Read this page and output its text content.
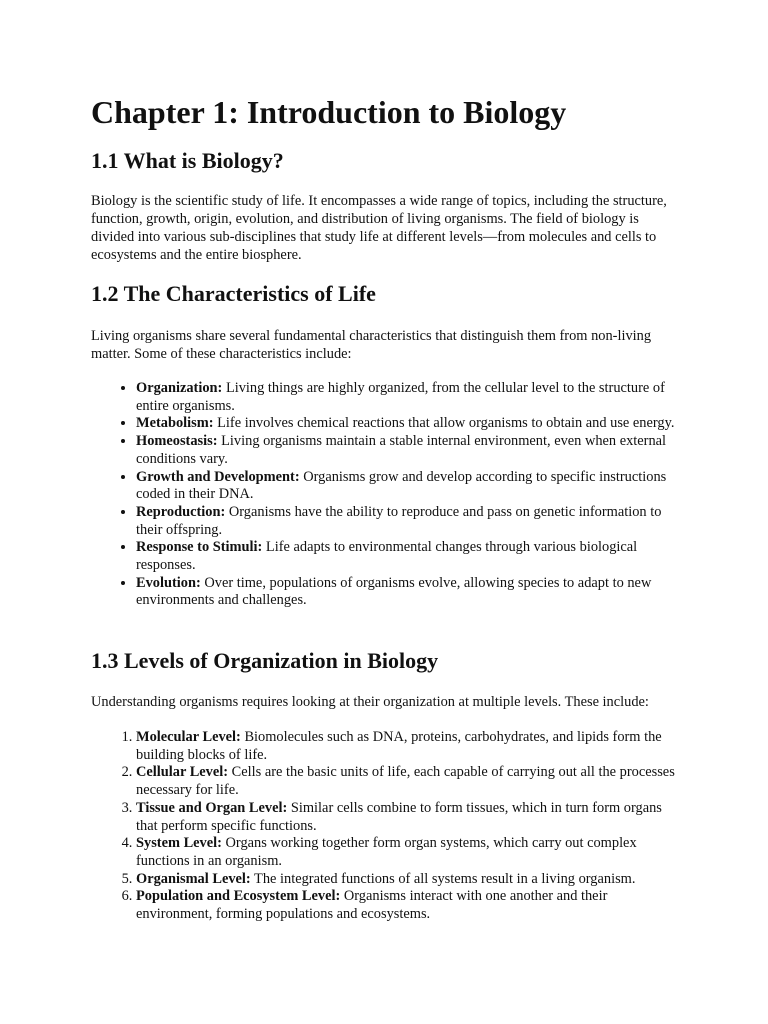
Chapter 1: Introduction to Biology
1.1 What is Biology?

Biology is the scientific study of life. It encompasses a wide range of topics, including the structure, function, growth, origin, evolution, and distribution of living organisms. The field of biology is divided into various sub-disciplines that study life at different levels—from molecules and cells to ecosystems and the entire biosphere.

1.2 The Characteristics of Life

Living organisms share several fundamental characteristics that distinguish them from non-living matter. Some of these characteristics include:

• Organization: Living things are highly organized, from the cellular level to the structure of entire organisms.
• Metabolism: Life involves chemical reactions that allow organisms to obtain and use energy.
• Homeostasis: Living organisms maintain a stable internal environment, even when external conditions vary.
• Growth and Development: Organisms grow and develop according to specific instructions coded in their DNA.
• Reproduction: Organisms have the ability to reproduce and pass on genetic information to their offspring.
• Response to Stimuli: Life adapts to environmental changes through various biological responses.
• Evolution: Over time, populations of organisms evolve, allowing species to adapt to new environments and challenges.
1.3 Levels of Organization in Biology

Understanding organisms requires looking at their organization at multiple levels. These include:

1. Molecular Level: Biomolecules such as DNA, proteins, carbohydrates, and lipids form the building blocks of life.
2. Cellular Level: Cells are the basic units of life, each capable of carrying out all the processes necessary for life.
3. Tissue and Organ Level: Similar cells combine to form tissues, which in turn form organs that perform specific functions.
4. System Level: Organs working together form organ systems, which carry out complex functions in an organism.
5. Organismal Level: The integrated functions of all systems result in a living organism.
6. Population and Ecosystem Level: Organisms interact with one another and their environment, forming populations and ecosystems.
